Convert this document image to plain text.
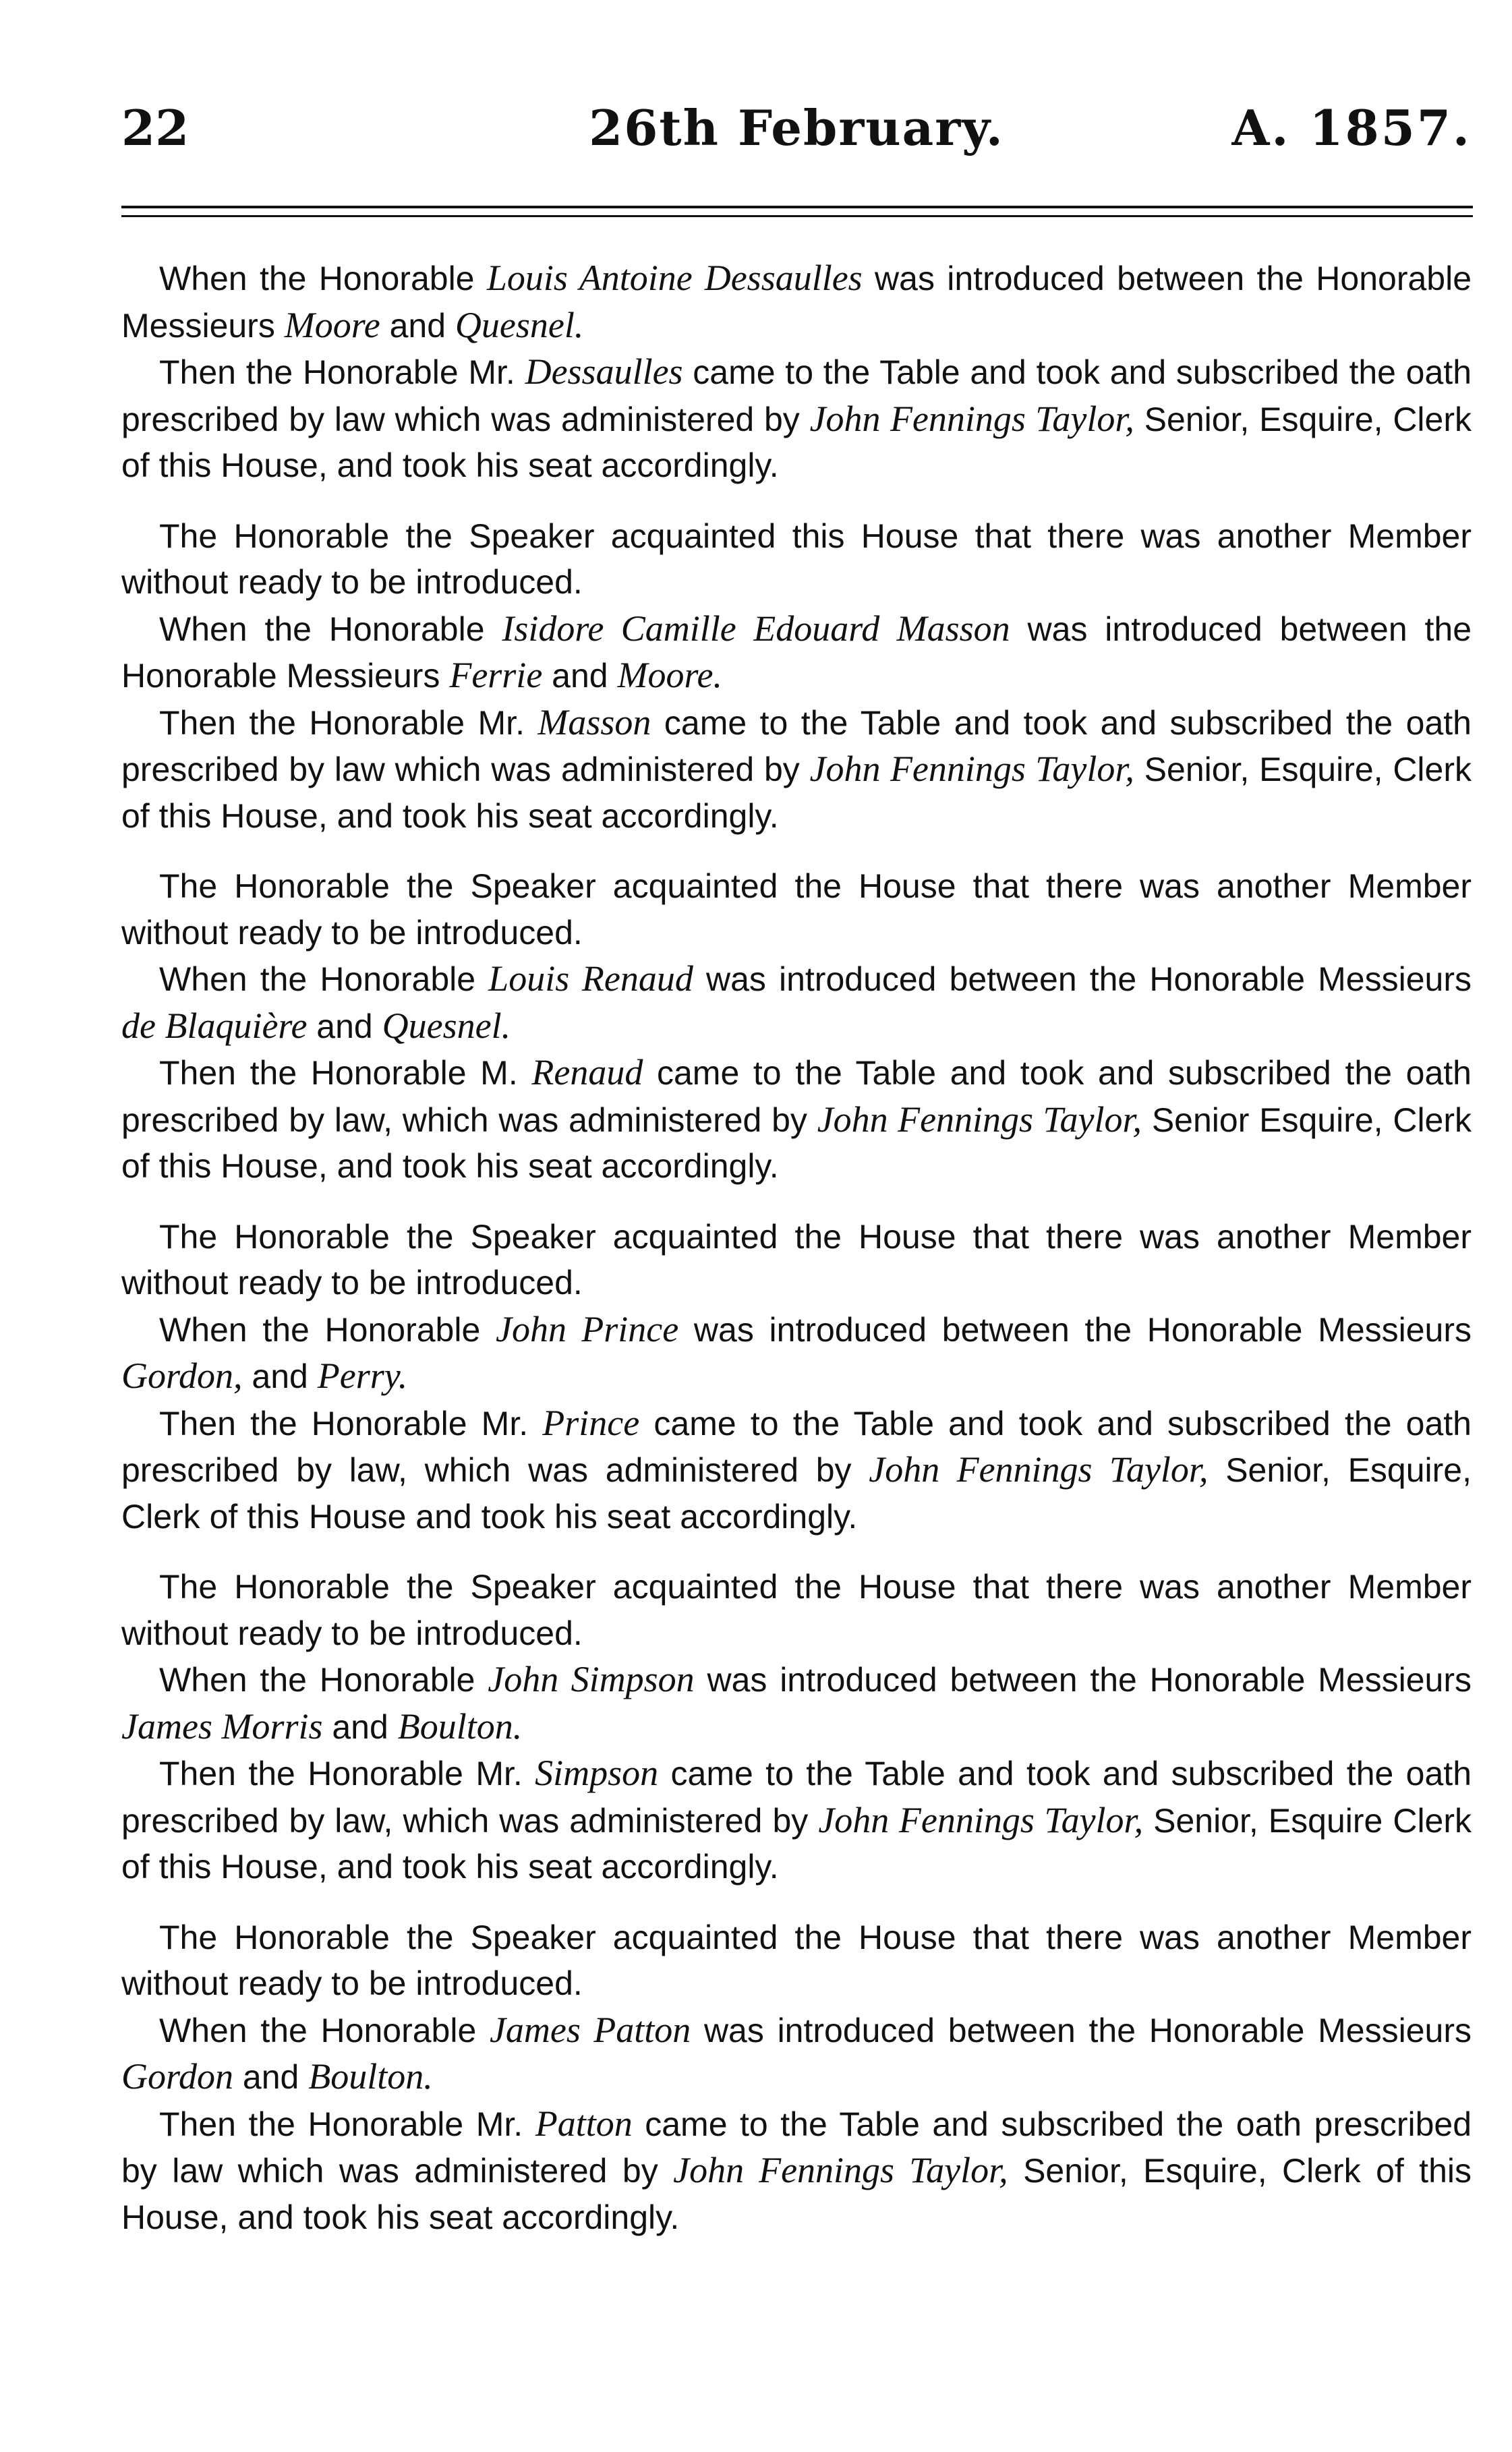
22	26th February.	A. 1857.

When the Honorable Louis Antoine Dessaulles was introduced between the Honorable Messieurs Moore and Quesnel.

Then the Honorable Mr. Dessaulles came to the Table and took and subscribed the oath prescribed by law which was administered by John Fennings Taylor, Senior, Esquire, Clerk of this House, and took his seat accordingly.

The Honorable the Speaker acquainted this House that there was another Member without ready to be introduced.

When the Honorable Isidore Camille Edouard Masson was introduced between the Honorable Messieurs Ferrie and Moore.

Then the Honorable Mr. Masson came to the Table and took and subscribed the oath prescribed by law which was administered by John Fennings Taylor, Senior, Esquire, Clerk of this House, and took his seat accordingly.

The Honorable the Speaker acquainted the House that there was another Member without ready to be introduced.

When the Honorable Louis Renaud was introduced between the Honorable Messieurs de Blaquière and Quesnel.

Then the Honorable M. Renaud came to the Table and took and subscribed the oath prescribed by law, which was administered by John Fennings Taylor, Senior Esquire, Clerk of this House, and took his seat accordingly.

The Honorable the Speaker acquainted the House that there was another Member without ready to be introduced.

When the Honorable John Prince was introduced between the Honorable Messieurs Gordon, and Perry.

Then the Honorable Mr. Prince came to the Table and took and subscribed the oath prescribed by law, which was administered by John Fennings Taylor, Senior, Esquire, Clerk of this House and took his seat accordingly.

The Honorable the Speaker acquainted the House that there was another Member without ready to be introduced.

When the Honorable John Simpson was introduced between the Honorable Messieurs James Morris and Boulton.

Then the Honorable Mr. Simpson came to the Table and took and subscribed the oath prescribed by law, which was administered by John Fennings Taylor, Senior, Esquire Clerk of this House, and took his seat accordingly.

The Honorable the Speaker acquainted the House that there was another Member without ready to be introduced.

When the Honorable James Patton was introduced between the Honorable Messieurs Gordon and Boulton.

Then the Honorable Mr. Patton came to the Table and subscribed the oath prescribed by law which was administered by John Fennings Taylor, Senior, Esquire, Clerk of this House, and took his seat accordingly.
